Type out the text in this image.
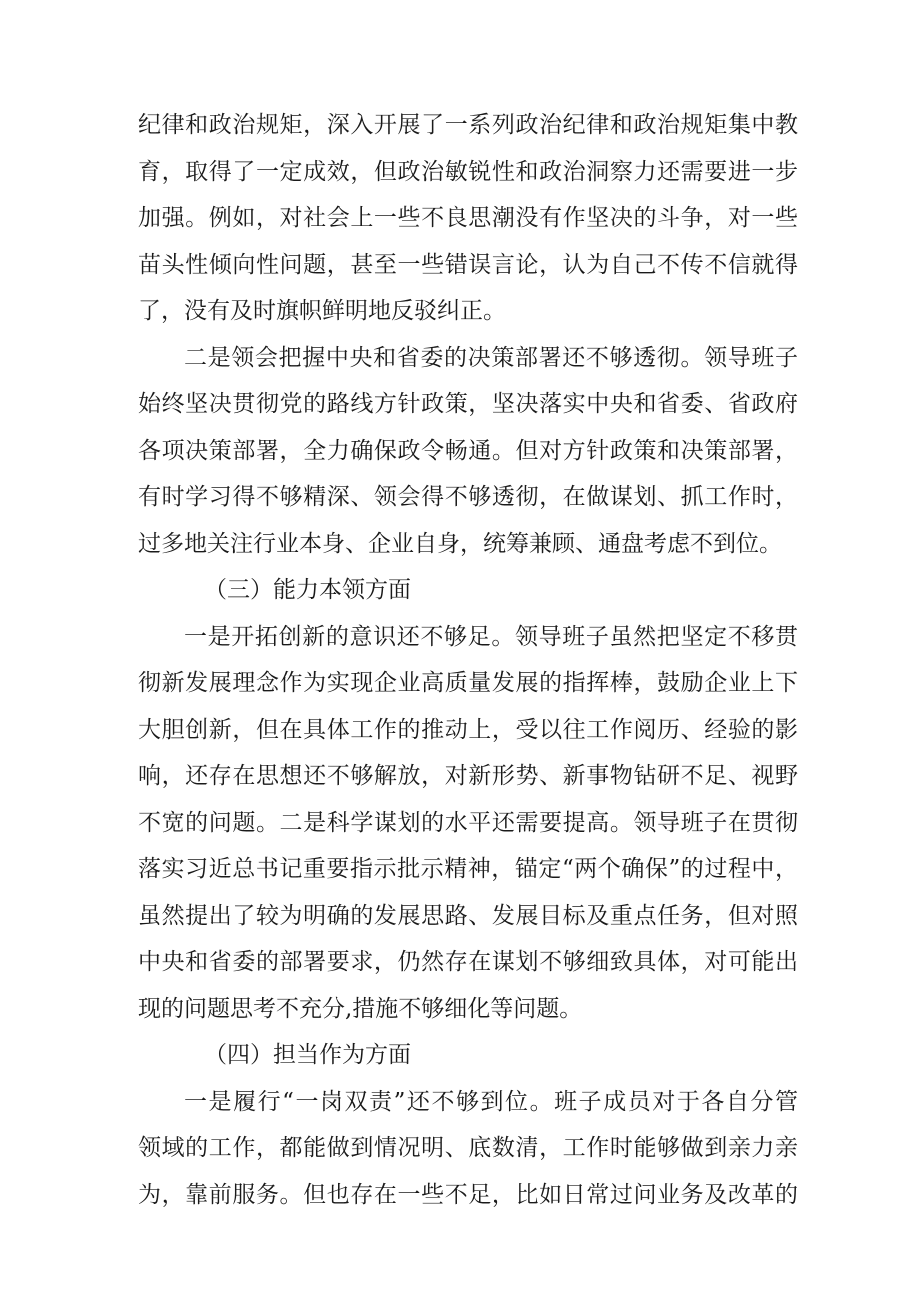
纪律和政治规矩，深入开展了一系列政治纪律和政治规矩集中教
育，取得了一定成效，但政治敏锐性和政治洞察力还需要进一步
加强。例如，对社会上一些不良思潮没有作坚决的斗争，对一些
苗头性倾向性问题，甚至一些错误言论，认为自己不传不信就得
了，没有及时旗帜鲜明地反驳纠正。
二是领会把握中央和省委的决策部署还不够透彻。领导班子
始终坚决贯彻党的路线方针政策，坚决落实中央和省委、省政府
各项决策部署，全力确保政令畅通。但对方针政策和决策部署，
有时学习得不够精深、领会得不够透彻，在做谋划、抓工作时，
过多地关注行业本身、企业自身，统筹兼顾、通盘考虑不到位。
（三）能力本领方面
一是开拓创新的意识还不够足。领导班子虽然把坚定不移贯
彻新发展理念作为实现企业高质量发展的指挥棒，鼓励企业上下
大胆创新，但在具体工作的推动上，受以往工作阅历、经验的影
响，还存在思想还不够解放，对新形势、新事物钻研不足、视野
不宽的问题。二是科学谋划的水平还需要提高。领导班子在贯彻
落实习近总书记重要指示批示精神，锚定“两个确保”的过程中，
虽然提出了较为明确的发展思路、发展目标及重点任务，但对照
中央和省委的部署要求，仍然存在谋划不够细致具体，对可能出
现的问题思考不充分,措施不够细化等问题。
（四）担当作为方面
一是履行“一岗双责”还不够到位。班子成员对于各自分管
领域的工作，都能做到情况明、底数清，工作时能够做到亲力亲
为，靠前服务。但也存在一些不足，比如日常过问业务及改革的
